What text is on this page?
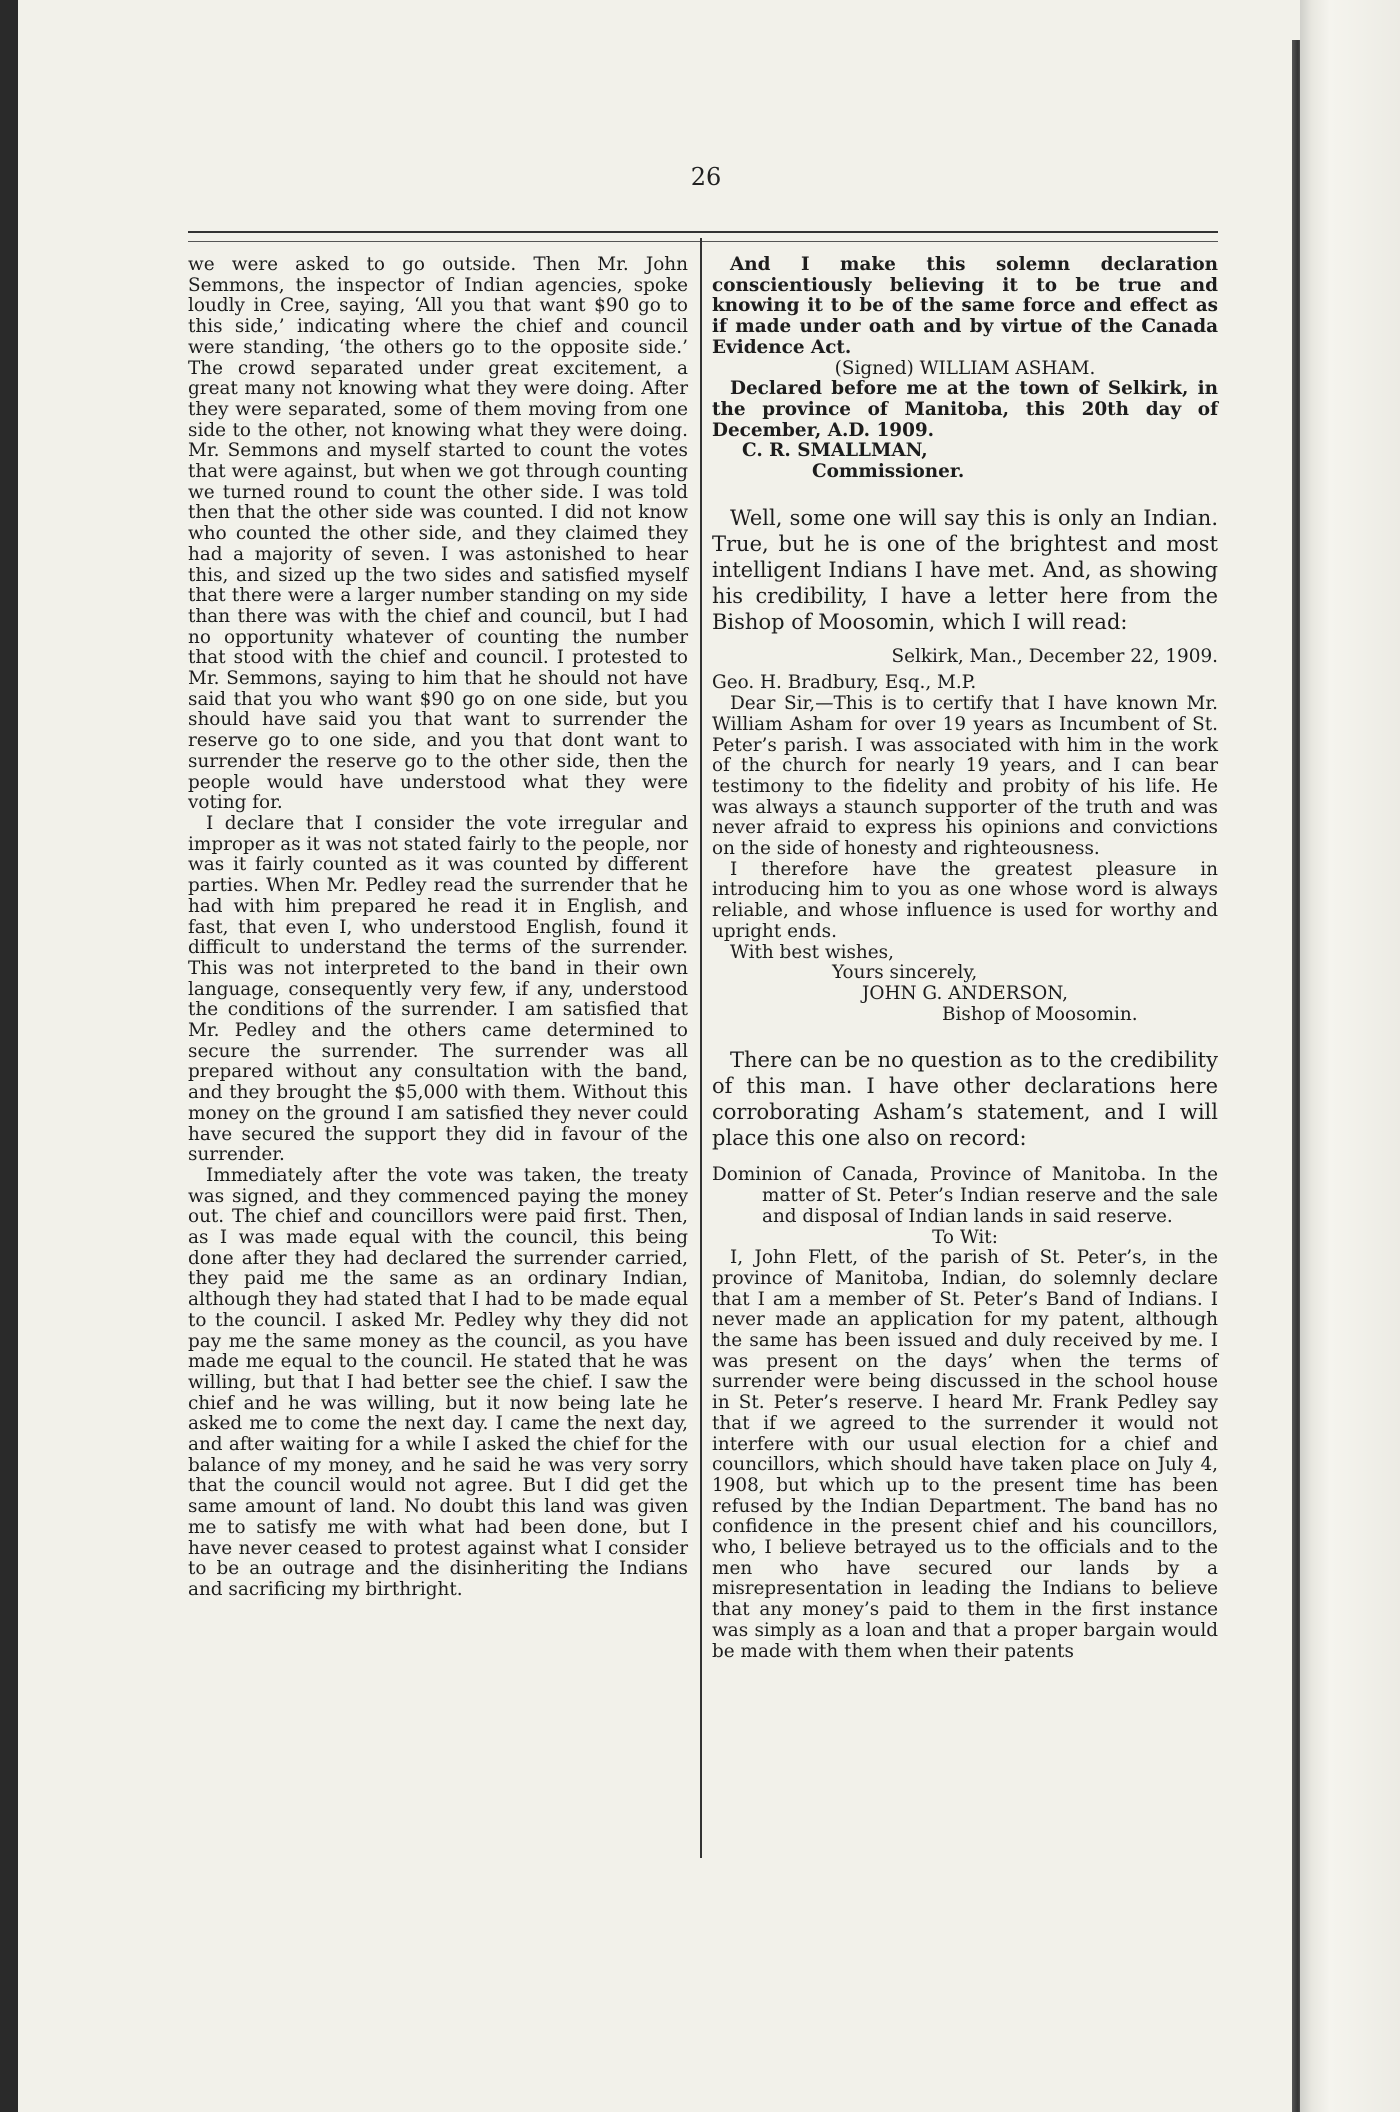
26

we were asked to go outside. Then Mr. John Semmons, the inspector of Indian agencies, spoke loudly in Cree, saying, ‘All you that want $90 go to this side,’ indicating where the chief and council were standing, ‘the others go to the opposite side.’ The crowd separated under great excitement, a great many not knowing what they were doing. After they were separated, some of them moving from one side to the other, not knowing what they were doing. Mr. Semmons and myself started to count the votes that were against, but when we got through counting we turned round to count the other side. I was told then that the other side was counted. I did not know who counted the other side, and they claimed they had a majority of seven. I was astonished to hear this, and sized up the two sides and satisfied myself that there were a larger number standing on my side than there was with the chief and council, but I had no opportunity whatever of counting the number that stood with the chief and council. I protested to Mr. Semmons, saying to him that he should not have said that you who want $90 go on one side, but you should have said you that want to surrender the reserve go to one side, and you that dont want to surrender the reserve go to the other side, then the people would have understood what they were voting for.

I declare that I consider the vote irregular and improper as it was not stated fairly to the people, nor was it fairly counted as it was counted by different parties. When Mr. Pedley read the surrender that he had with him prepared he read it in English, and fast, that even I, who understood English, found it difficult to understand the terms of the surrender. This was not interpreted to the band in their own language, consequently very few, if any, understood the conditions of the surrender. I am satisfied that Mr. Pedley and the others came determined to secure the surrender. The surrender was all prepared without any consultation with the band, and they brought the $5,000 with them. Without this money on the ground I am satisfied they never could have secured the support they did in favour of the surrender.

Immediately after the vote was taken, the treaty was signed, and they commenced paying the money out. The chief and councillors were paid first. Then, as I was made equal with the council, this being done after they had declared the surrender carried, they paid me the same as an ordinary Indian, although they had stated that I had to be made equal to the council. I asked Mr. Pedley why they did not pay me the same money as the council, as you have made me equal to the council. He stated that he was willing, but that I had better see the chief. I saw the chief and he was willing, but it now being late he asked me to come the next day. I came the next day, and after waiting for a while I asked the chief for the balance of my money, and he said he was very sorry that the council would not agree. But I did get the same amount of land. No doubt this land was given me to satisfy me with what had been done, but I have never ceased to protest against what I consider to be an outrage and the disinheriting the Indians and sacrificing my birthright.

And I make this solemn declaration conscientiously believing it to be true and knowing it to be of the same force and effect as if made under oath and by virtue of the Canada Evidence Act.

(Signed) WILLIAM ASHAM.

Declared before me at the town of Selkirk, in the province of Manitoba, this 20th day of December, A.D. 1909.

C. R. SMALLMAN,

Commissioner.

Well, some one will say this is only an Indian. True, but he is one of the brightest and most intelligent Indians I have met. And, as showing his credibility, I have a letter here from the Bishop of Moosomin, which I will read:

Selkirk, Man., December 22, 1909.

Geo. H. Bradbury, Esq., M.P.

Dear Sir,—This is to certify that I have known Mr. William Asham for over 19 years as Incumbent of St. Peter’s parish. I was associated with him in the work of the church for nearly 19 years, and I can bear testimony to the fidelity and probity of his life. He was always a staunch supporter of the truth and was never afraid to express his opinions and convictions on the side of honesty and righteousness.

I therefore have the greatest pleasure in introducing him to you as one whose word is always reliable, and whose influence is used for worthy and upright ends.

With best wishes,

Yours sincerely,

JOHN G. ANDERSON,

Bishop of Moosomin.

There can be no question as to the credibility of this man. I have other declarations here corroborating Asham’s statement, and I will place this one also on record:

Dominion of Canada, Province of Manitoba. In the matter of St. Peter’s Indian reserve and the sale and disposal of Indian lands in said reserve.

To Wit:

I, John Flett, of the parish of St. Peter’s, in the province of Manitoba, Indian, do solemnly declare that I am a member of St. Peter’s Band of Indians. I never made an application for my patent, although the same has been issued and duly received by me. I was present on the days’ when the terms of surrender were being discussed in the school house in St. Peter’s reserve. I heard Mr. Frank Pedley say that if we agreed to the surrender it would not interfere with our usual election for a chief and councillors, which should have taken place on July 4, 1908, but which up to the present time has been refused by the Indian Department. The band has no confidence in the present chief and his councillors, who, I believe betrayed us to the officials and to the men who have secured our lands by a misrepresentation in leading the Indians to believe that any money’s paid to them in the first instance was simply as a loan and that a proper bargain would be made with them when their patents
